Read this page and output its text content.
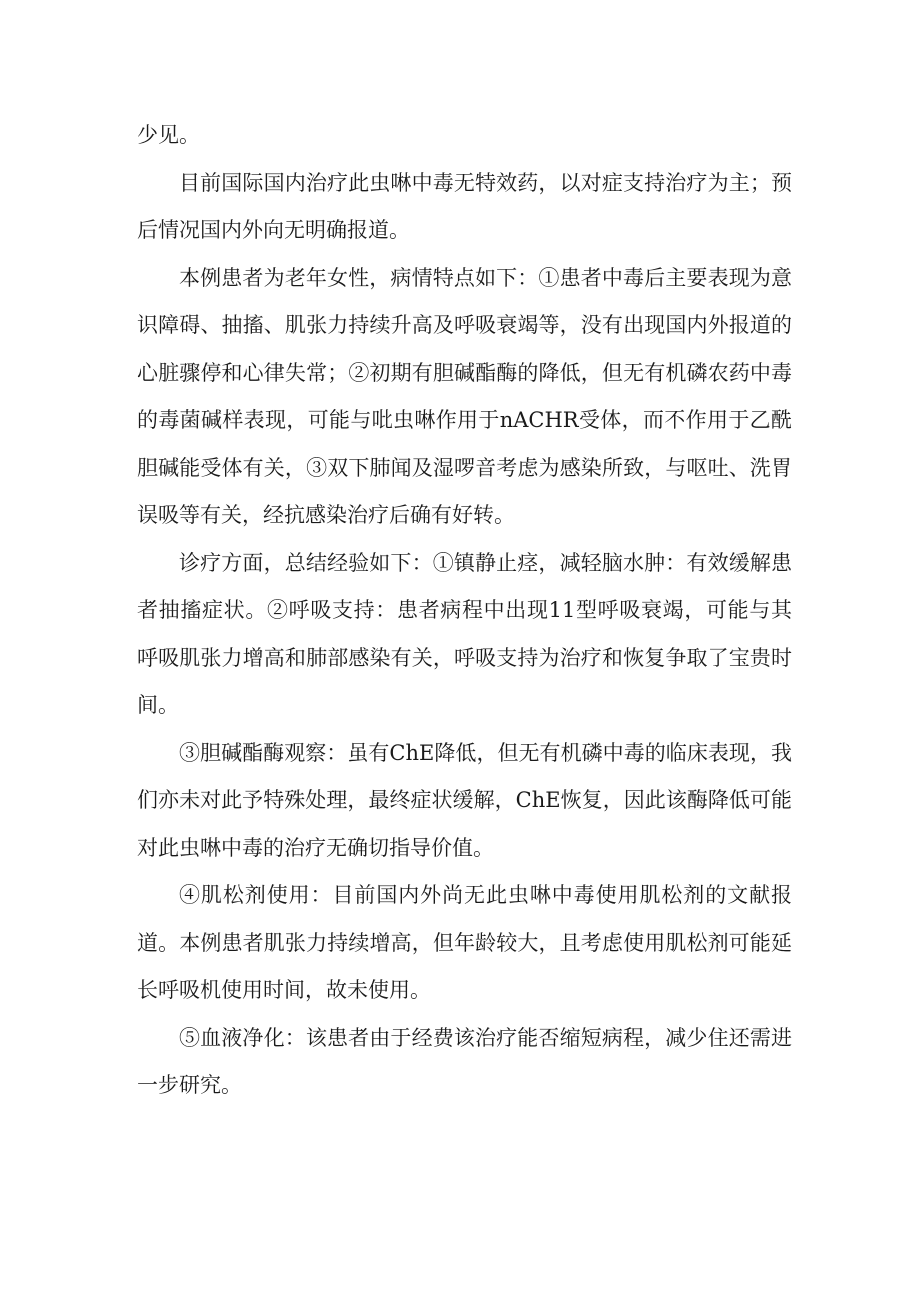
少见。

目前国际国内治疗此虫啉中毒无特效药，以对症支持治疗为主；预后情况国内外向无明确报道。

本例患者为老年女性，病情特点如下：①患者中毒后主要表现为意识障碍、抽搐、肌张力持续升高及呼吸衰竭等，没有出现国内外报道的心脏骤停和心律失常；②初期有胆碱酯酶的降低，但无有机磷农药中毒的毒菌碱样表现，可能与吡虫啉作用于nACHR受体，而不作用于乙酰胆碱能受体有关，③双下肺闻及湿啰音考虑为感染所致，与呕吐、洗胃误吸等有关，经抗感染治疗后确有好转。

诊疗方面，总结经验如下：①镇静止痉，减轻脑水肿：有效缓解患者抽搐症状。②呼吸支持：患者病程中出现11型呼吸衰竭，可能与其呼吸肌张力增高和肺部感染有关，呼吸支持为治疗和恢复争取了宝贵时间。

③胆碱酯酶观察：虽有ChE降低，但无有机磷中毒的临床表现，我们亦未对此予特殊处理，最终症状缓解，ChE恢复，因此该酶降低可能对此虫啉中毒的治疗无确切指导价值。

④肌松剂使用：目前国内外尚无此虫啉中毒使用肌松剂的文献报道。本例患者肌张力持续增高，但年龄较大，且考虑使用肌松剂可能延长呼吸机使用时间，故未使用。

⑤血液净化：该患者由于经费该治疗能否缩短病程，减少住还需进一步研究。
